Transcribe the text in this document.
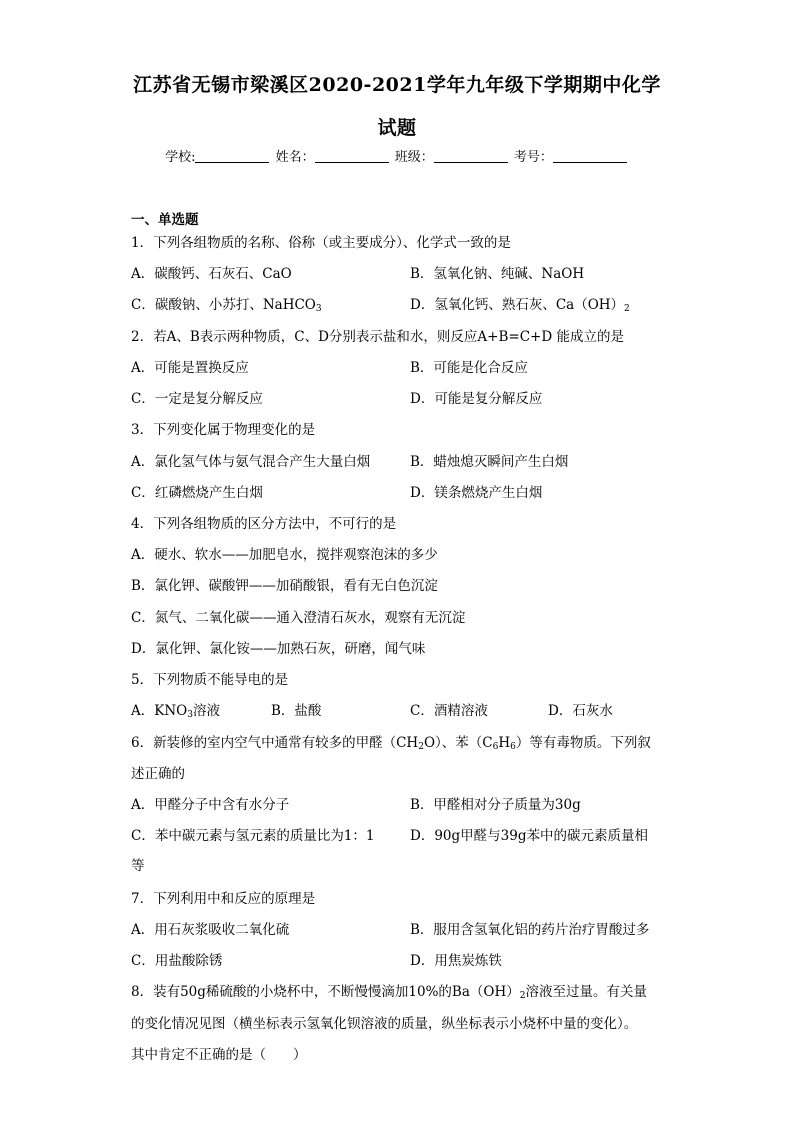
江苏省无锡市梁溪区2020-2021学年九年级下学期期中化学
试题
学校:	姓名：	班级：	考号：
一、单选题
1．下列各组物质的名称、俗称（或主要成分）、化学式一致的是
A．碳酸钙、石灰石、CaO	B．氢氧化钠、纯碱、NaOH
C．碳酸钠、小苏打、NaHCO$_3$	D．氢氧化钙、熟石灰、$Ca(OH)_2$
2．若A、B表示两种物质，C、D分别表示盐和水，则反应A+B=C+D 能成立的是
A．可能是置换反应	B．可能是化合反应
C．一定是复分解反应	D．可能是复分解反应
3．下列变化属于物理变化的是
A．氯化氢气体与氨气混合产生大量白烟	B．蜡烛熄灭瞬间产生白烟
C．红磷燃烧产生白烟	D．镁条燃烧产生白烟
4．下列各组物质的区分方法中，不可行的是
A．硬水、软水——加肥皂水，搅拌观察泡沫的多少
B．氯化钾、碳酸钾——加硝酸银，看有无白色沉淀
C．氮气、二氧化碳——通入澄清石灰水，观察有无沉淀
D．氯化钾、氯化铵——加熟石灰，研磨，闻气味
5．下列物质不能导电的是
A．$KNO_3$溶液	B．盐酸	C．酒精溶液	D．石灰水
6．新装修的室内空气中通常有较多的甲醛$(CH_2O)$、苯$(C_6H_6)$等有毒物质。下列叙
述正确的
A．甲醛分子中含有水分子	B．甲醛相对分子质量为30g
C．苯中碳元素与氢元素的质量比为1：1	D．90g甲醛与39g苯中的碳元素质量相
等
7．下列利用中和反应的原理是
A．用石灰浆吸收二氧化硫	B．服用含氢氧化铝的药片治疗胃酸过多
C．用盐酸除锈	D．用焦炭炼铁
8．装有50g稀硫酸的小烧杯中，不断慢慢滴加10%的$Ba(OH)_2$溶液至过量。有关量
的变化情况见图（横坐标表示氢氧化钡溶液的质量，纵坐标表示小烧杯中量的变化）。
其中肯定不正确的是（　　）
